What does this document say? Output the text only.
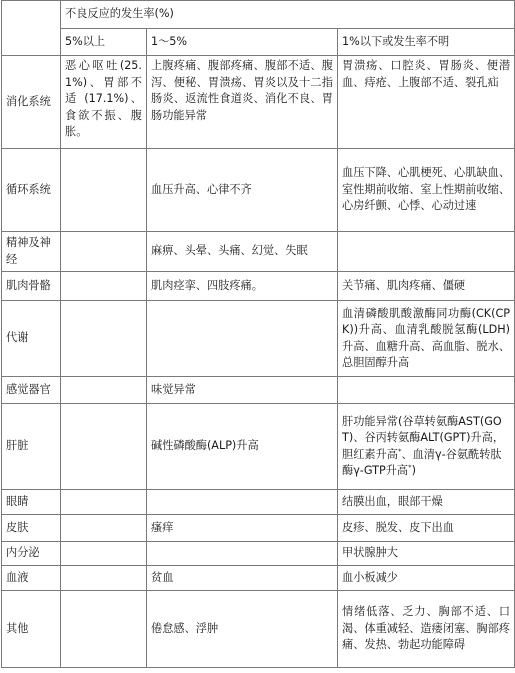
	不良反应的发生率(%)		
	5%以上	1～5%	1%以下或发生率不明
消化系统	恶心呕吐(25.1%)、胃部不适 (17.1%)、食欲不振、腹胀。	上腹疼痛、腹部疼痛、腹部不适、腹泻、便秘、胃溃疡、胃炎以及十二指肠炎、返流性食道炎、消化不良、胃肠功能异常	胃溃疡、口腔炎、胃肠炎、便潜血、痔疮、上腹部不适、裂孔疝
循环系统		血压升高、心律不齐	血压下降、心肌梗死、心肌缺血、室性期前收缩、室上性期前收缩、心房纤颤、心悸、心动过速
精神及神经		麻痹、头晕、头痛、幻觉、失眠	
肌肉骨骼		肌肉痉挛、四肢疼痛。	关节痛、肌肉疼痛、僵硬
代谢			血清磷酸肌酸激酶同功酶(CK(CPK))升高、血清乳酸脱氢酶(LDH)升高、血糖升高、高血脂、脱水、总胆固醇升高
感觉器官		味觉异常	
肝脏		碱性磷酸酶(ALP)升高	肝功能异常(谷草转氨酶AST(GOT)、谷丙转氨酶ALT(GPT)升高，胆红素升高*、血清γ-谷氨酰转肽酶γ-GTP升高*)
眼睛			结膜出血，眼部干燥
皮肤		瘙痒	皮疹、脱发、皮下出血
内分泌			甲状腺肿大
血液		贫血	血小板减少
其他		倦怠感、浮肿	情绪低落、乏力、胸部不适、口渴、体重减轻、造瘘闭塞、胸部疼痛、发热、勃起功能障碍
